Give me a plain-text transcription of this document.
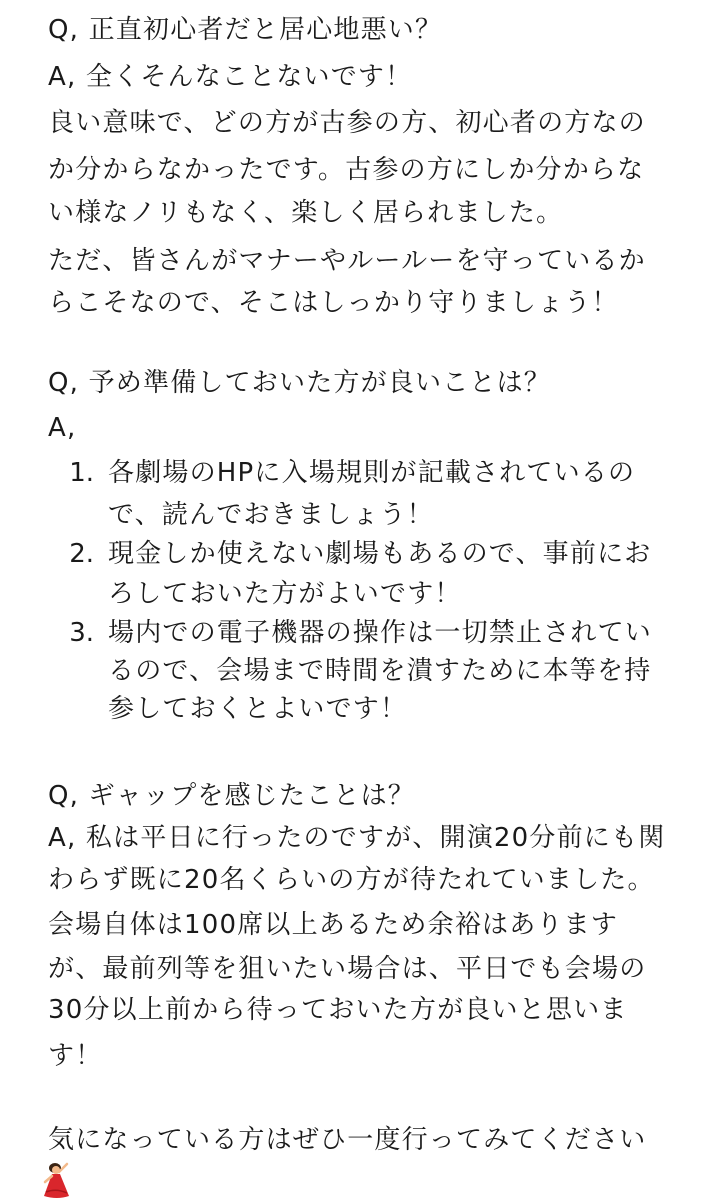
Q, 正直初心者だと居心地悪い？
A, 全くそんなことないです！
良い意味で、どの方が古参の方、初心者の方なの
か分からなかったです。古参の方にしか分からな
い様なノリもなく、楽しく居られました。
ただ、皆さんがマナーやルールーを守っているか
らこそなので、そこはしっかり守りましょう！
Q, 予め準備しておいた方が良いことは？
A,
1. 各劇場のHPに入場規則が記載されているの
で、読んでおきましょう！
2. 現金しか使えない劇場もあるので、事前にお
ろしておいた方がよいです！
3. 場内での電子機器の操作は一切禁止されてい
るので、会場まで時間を潰すために本等を持
参しておくとよいです！
Q, ギャップを感じたことは？
A, 私は平日に行ったのですが、開演20分前にも関
わらず既に20名くらいの方が待たれていました。
会場自体は100席以上あるため余裕はあります
が、最前列等を狙いたい場合は、平日でも会場の
30分以上前から待っておいた方が良いと思いま
す！
気になっている方はぜひ一度行ってみてください
